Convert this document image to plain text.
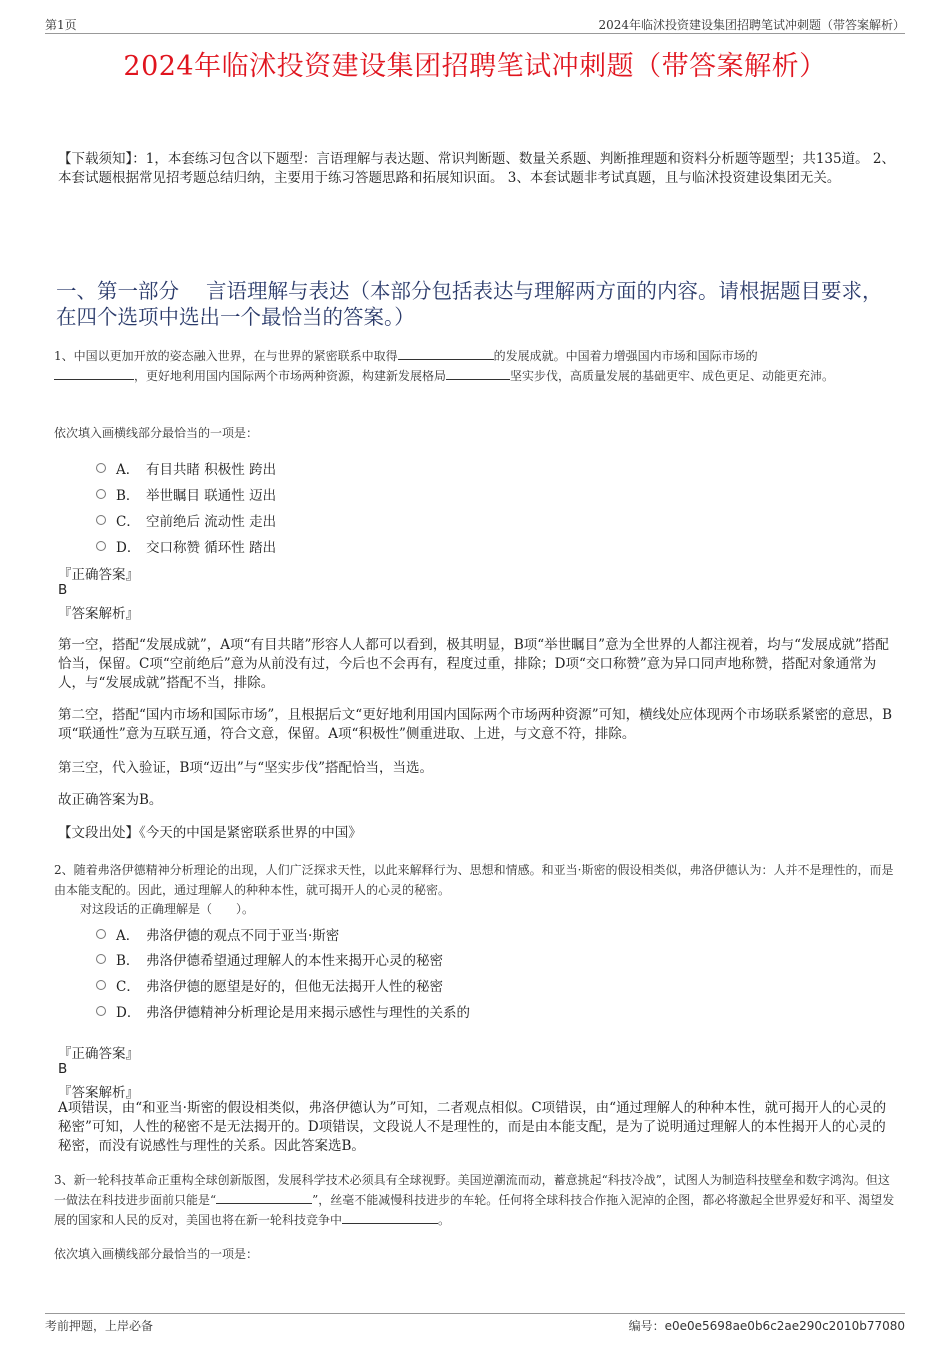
第1页	2024年临沭投资建设集团招聘笔试冲刺题（带答案解析）
2024年临沭投资建设集团招聘笔试冲刺题（带答案解析）
【下载须知】：1，本套练习包含以下题型：言语理解与表达题、常识判断题、数量关系题、判断推理题和资料分析题等题型；共135道。 2、本套试题根据常见招考题总结归纳，主要用于练习答题思路和拓展知识面。 3、本套试题非考试真题，且与临沭投资建设集团无关。
一、第一部分　 言语理解与表达（本部分包括表达与理解两方面的内容。请根据题目要求，在四个选项中选出一个最恰当的答案。）
1、中国以更加开放的姿态融入世界，在与世界的紧密联系中取得	的发展成就。中国着力增强国内市场和国际市场的
，更好地利用国内国际两个市场两种资源，构建新发展格局	坚实步伐，高质量发展的基础更牢、成色更足、动能更充沛。
依次填入画横线部分最恰当的一项是：
A． 有目共睹 积极性 跨出
B． 举世瞩目 联通性 迈出
C． 空前绝后 流动性 走出
D． 交口称赞 循环性 踏出
『正确答案』
B
『答案解析』
第一空，搭配“发展成就”，A项“有目共睹”形容人人都可以看到，极其明显，B项“举世瞩目”意为全世界的人都注视着，均与“发展成就”搭配恰当，保留。C项“空前绝后”意为从前没有过，今后也不会再有，程度过重，排除；D项“交口称赞”意为异口同声地称赞，搭配对象通常为人，与“发展成就”搭配不当，排除。
第二空，搭配“国内市场和国际市场”，且根据后文“更好地利用国内国际两个市场两种资源”可知，横线处应体现两个市场联系紧密的意思，B项“联通性”意为互联互通，符合文意，保留。A项“积极性”侧重进取、上进，与文意不符，排除。
第三空，代入验证，B项“迈出”与“坚实步伐”搭配恰当，当选。
故正确答案为B。
【文段出处】《今天的中国是紧密联系世界的中国》
2、随着弗洛伊德精神分析理论的出现，人们广泛探求天性，以此来解释行为、思想和情感。和亚当·斯密的假设相类似，弗洛伊德认为：人并不是理性的，而是由本能支配的。因此，通过理解人的种种本性，就可揭开人的心灵的秘密。
对这段话的正确理解是（　　）。
A． 弗洛伊德的观点不同于亚当·斯密
B． 弗洛伊德希望通过理解人的本性来揭开心灵的秘密
C． 弗洛伊德的愿望是好的，但他无法揭开人性的秘密
D． 弗洛伊德精神分析理论是用来揭示感性与理性的关系的
『正确答案』
B
『答案解析』
A项错误，由“和亚当·斯密的假设相类似，弗洛伊德认为”可知，二者观点相似。C项错误，由“通过理解人的种种本性，就可揭开人的心灵的秘密”可知，人性的秘密不是无法揭开的。D项错误，文段说人不是理性的，而是由本能支配，是为了说明通过理解人的本性揭开人的心灵的秘密，而没有说感性与理性的关系。因此答案选B。
3、新一轮科技革命正重构全球创新版图，发展科学技术必须具有全球视野。美国逆潮流而动，蓄意挑起“科技冷战”，试图人为制造科技壁垒和数字鸿沟。但这一做法在科技进步面前只能是“	”，丝毫不能减慢科技进步的车轮。任何将全球科技合作拖入泥淖的企图，都必将激起全世界爱好和平、渴望发展的国家和人民的反对，美国也将在新一轮科技竞争中	。
依次填入画横线部分最恰当的一项是：
考前押题，上岸必备	编号：e0e0e5698ae0b6c2ae290c2010b77080
